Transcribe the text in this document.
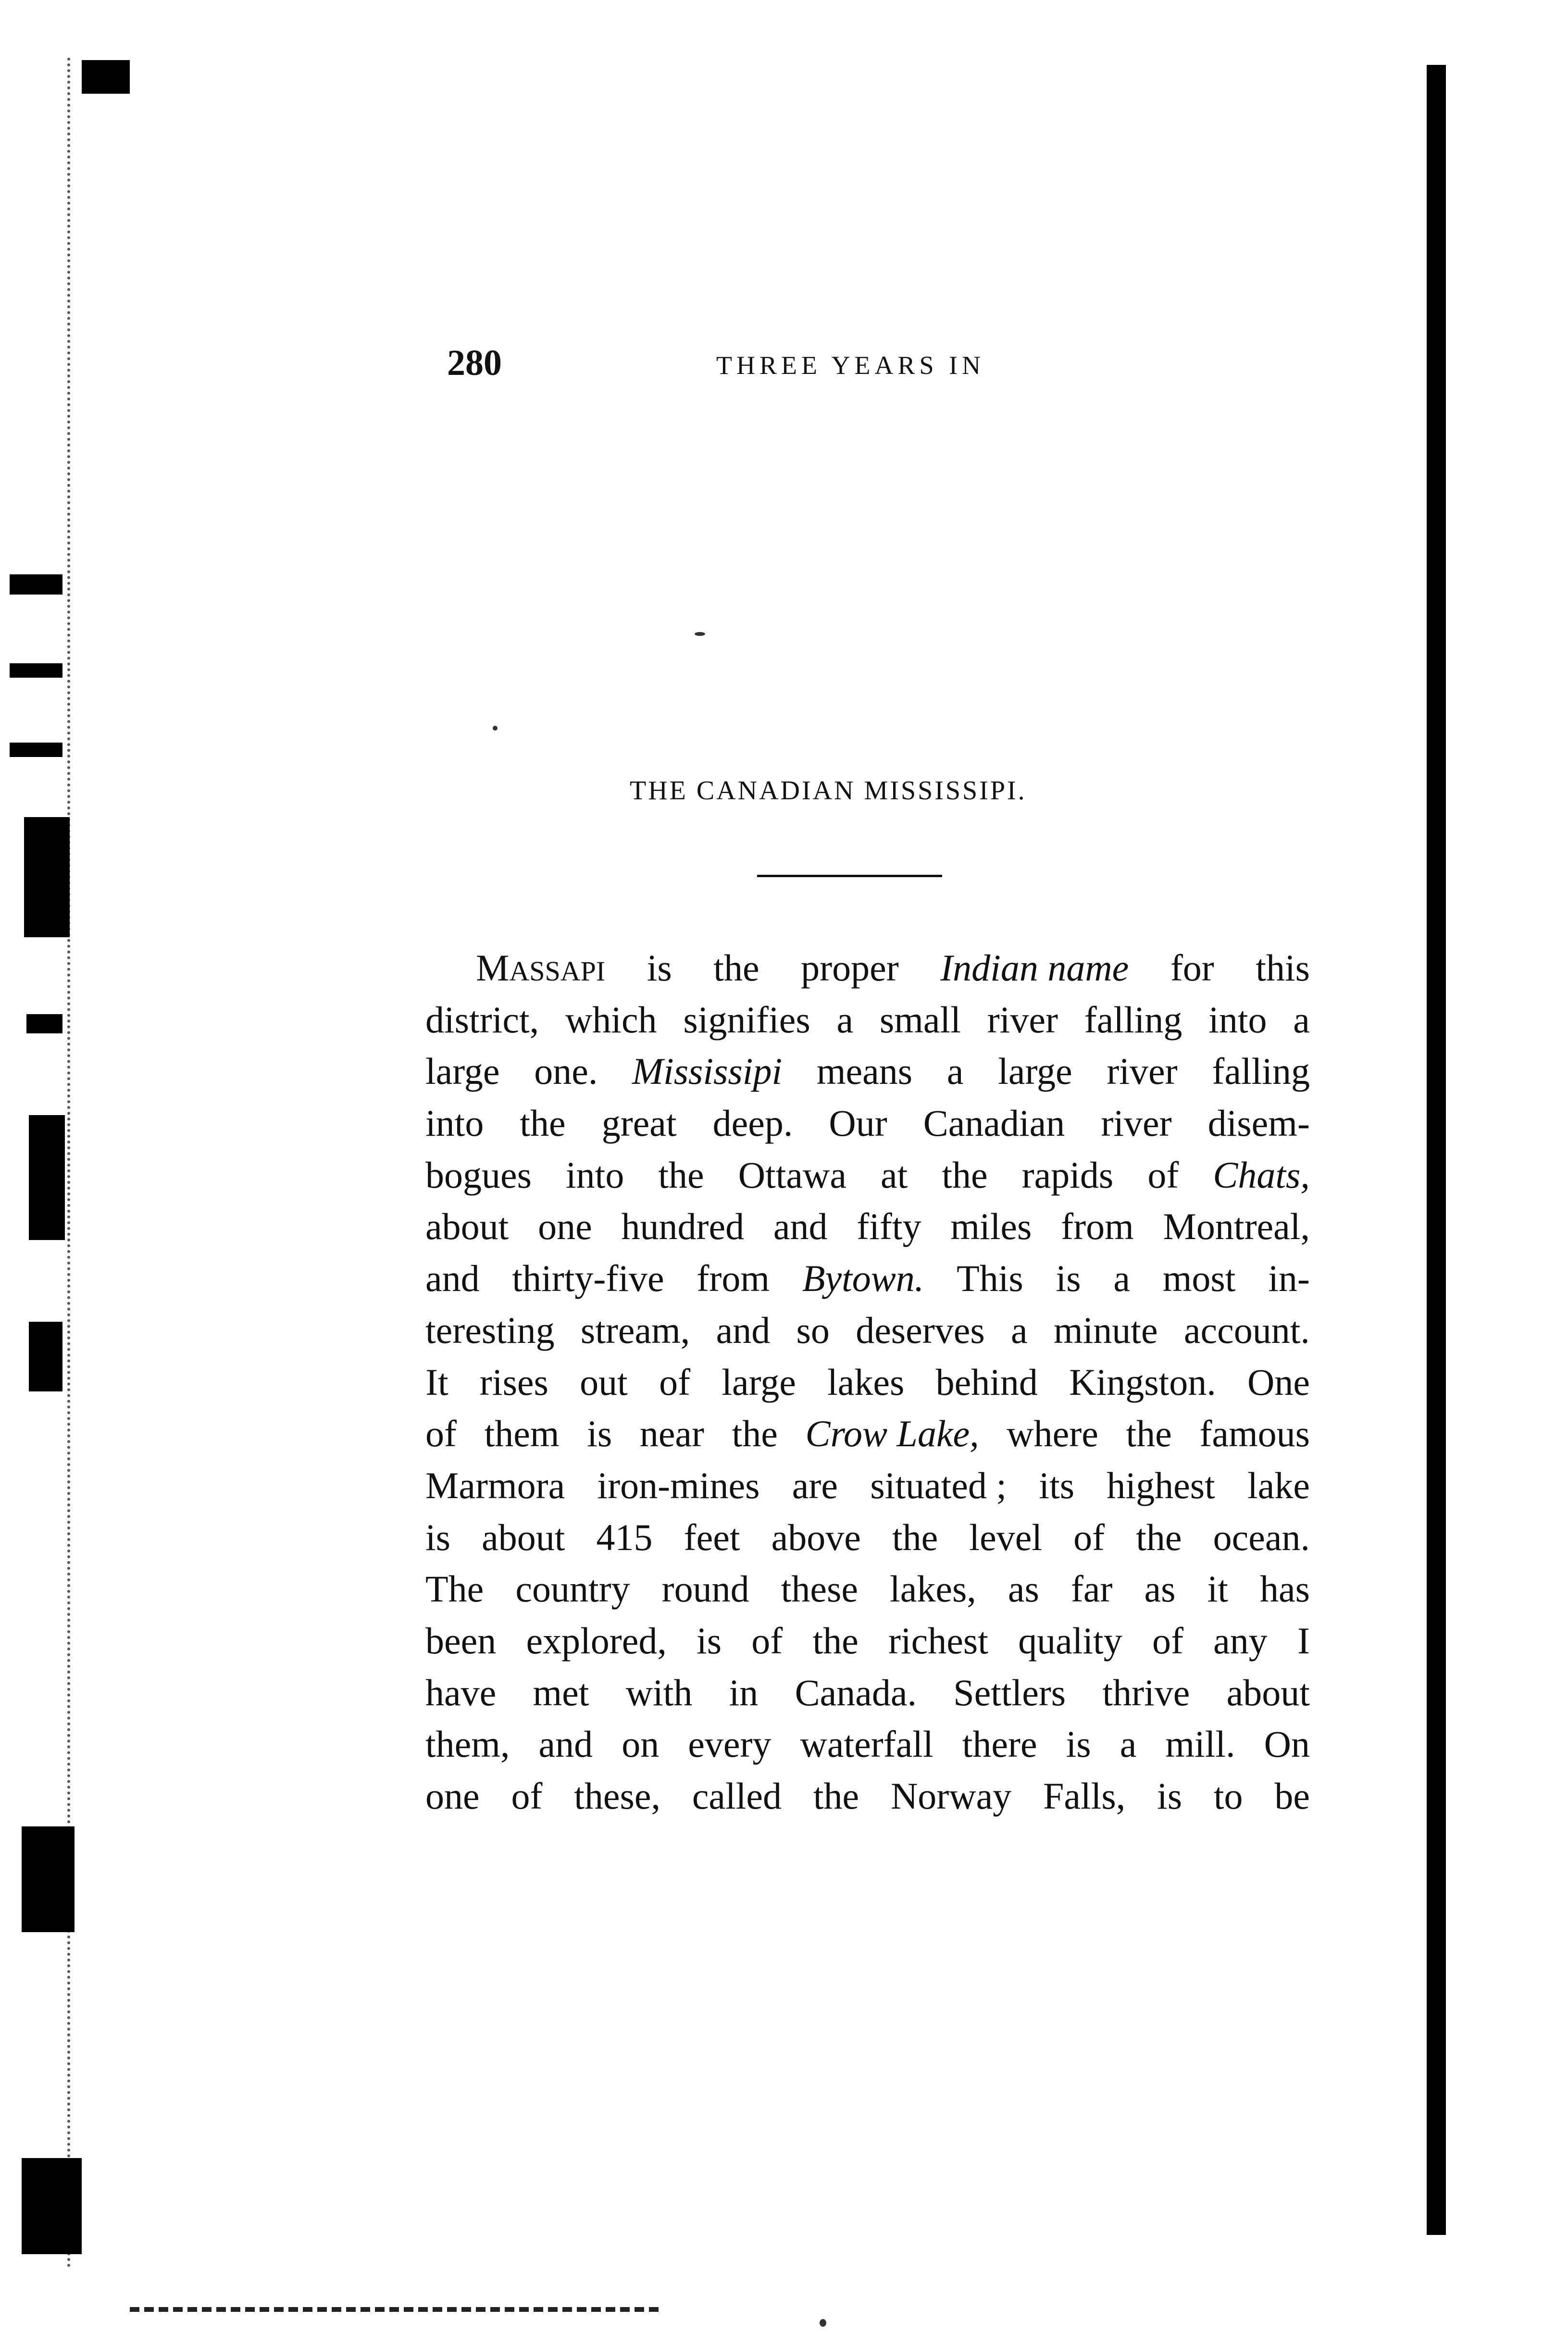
280	THREE YEARS IN
THE CANADIAN MISSISSIPI.
MASSAPI is the proper Indian name for this
district, which signifies a small river falling into a
large one. Mississipi means a large river falling
into the great deep. Our Canadian river disem-
bogues into the Ottawa at the rapids of Chats,
about one hundred and fifty miles from Montreal,
and thirty-five from Bytown. This is a most in-
teresting stream, and so deserves a minute account.
It rises out of large lakes behind Kingston. One
of them is near the Crow Lake, where the famous
Marmora iron-mines are situated ; its highest lake
is about 415 feet above the level of the ocean.
The country round these lakes, as far as it has
been explored, is of the richest quality of any I
have met with in Canada. Settlers thrive about
them, and on every waterfall there is a mill. On
one of these, called the Norway Falls, is to be
